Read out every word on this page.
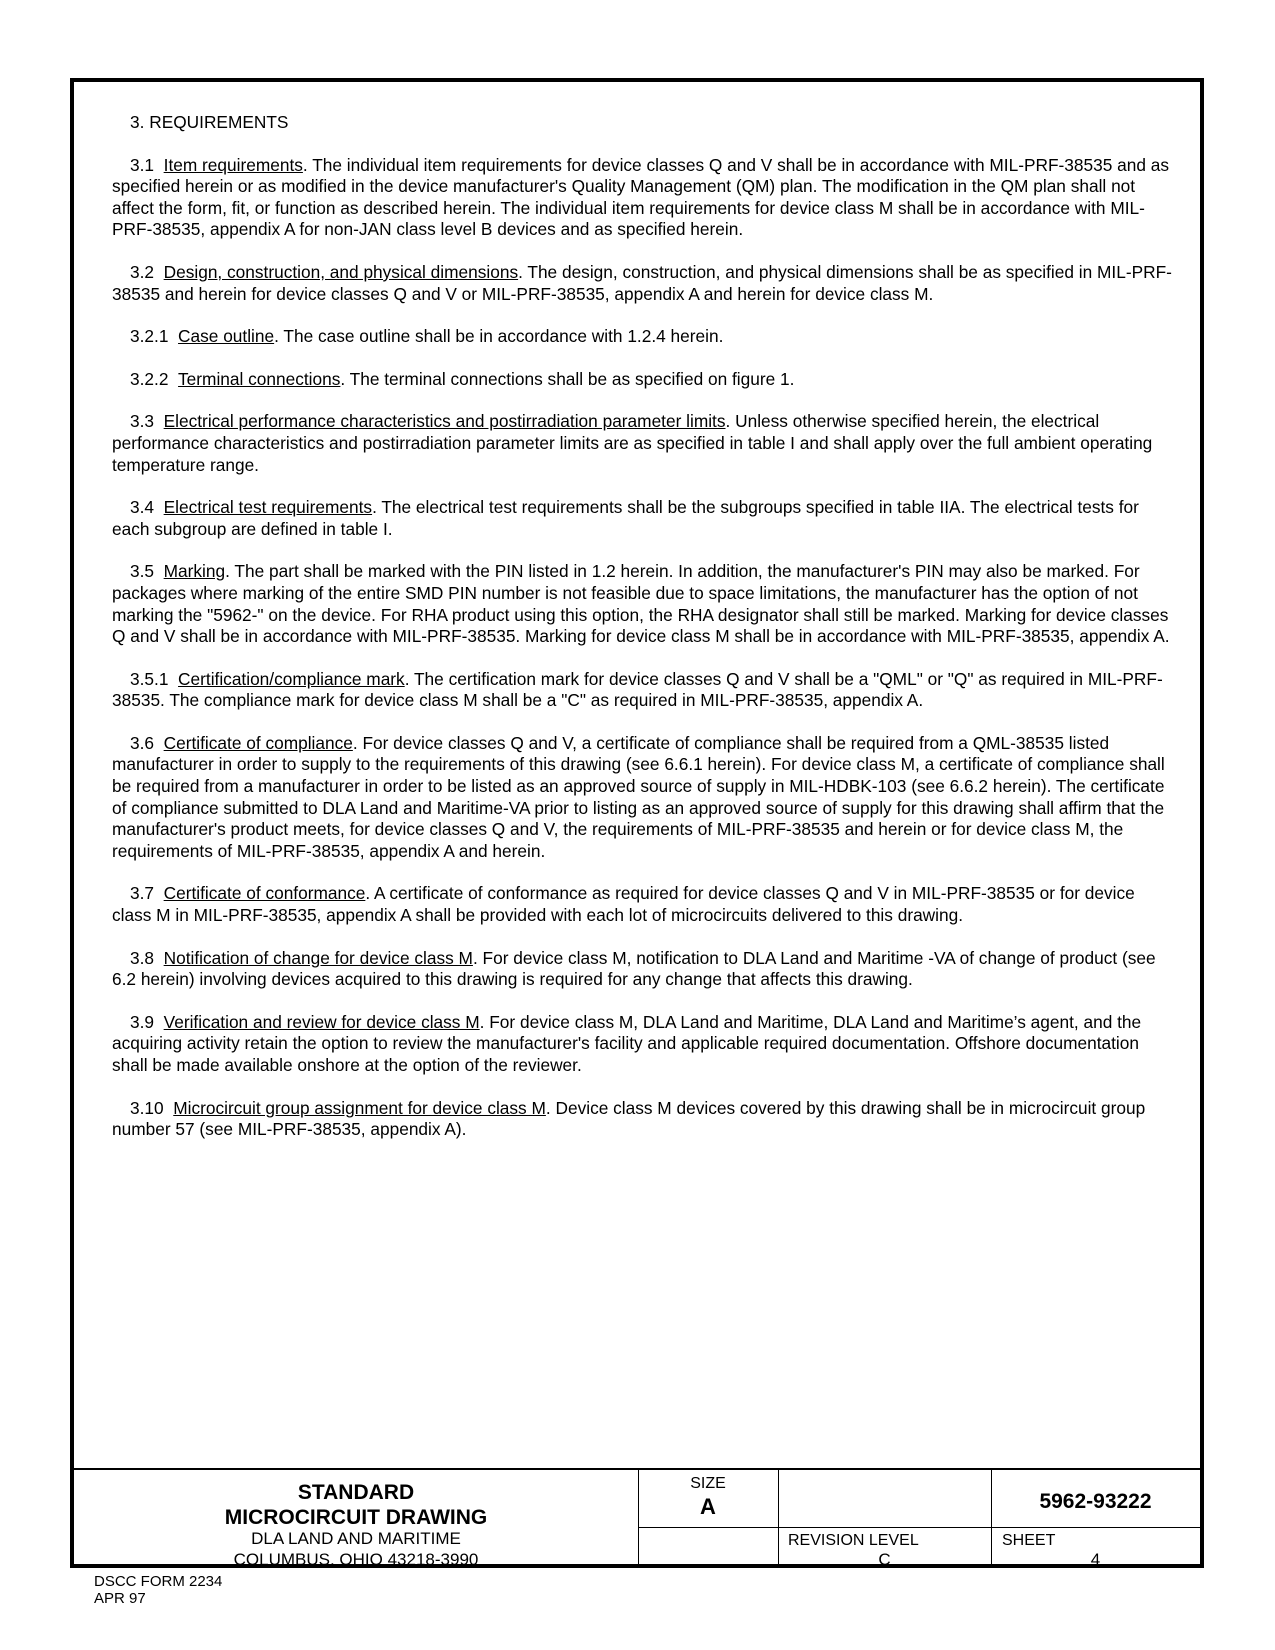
3. REQUIREMENTS

3.1 Item requirements. The individual item requirements for device classes Q and V shall be in accordance with MIL-PRF-38535 and as specified herein or as modified in the device manufacturer's Quality Management (QM) plan. The modification in the QM plan shall not affect the form, fit, or function as described herein. The individual item requirements for device class M shall be in accordance with MIL-PRF-38535, appendix A for non-JAN class level B devices and as specified herein.

3.2 Design, construction, and physical dimensions. The design, construction, and physical dimensions shall be as specified in MIL-PRF-38535 and herein for device classes Q and V or MIL-PRF-38535, appendix A and herein for device class M.

3.2.1 Case outline. The case outline shall be in accordance with 1.2.4 herein.

3.2.2 Terminal connections. The terminal connections shall be as specified on figure 1.

3.3 Electrical performance characteristics and postirradiation parameter limits. Unless otherwise specified herein, the electrical performance characteristics and postirradiation parameter limits are as specified in table I and shall apply over the full ambient operating temperature range.

3.4 Electrical test requirements. The electrical test requirements shall be the subgroups specified in table IIA. The electrical tests for each subgroup are defined in table I.

3.5 Marking. The part shall be marked with the PIN listed in 1.2 herein. In addition, the manufacturer's PIN may also be marked. For packages where marking of the entire SMD PIN number is not feasible due to space limitations, the manufacturer has the option of not marking the "5962-" on the device. For RHA product using this option, the RHA designator shall still be marked. Marking for device classes Q and V shall be in accordance with MIL-PRF-38535. Marking for device class M shall be in accordance with MIL-PRF-38535, appendix A.

3.5.1 Certification/compliance mark. The certification mark for device classes Q and V shall be a "QML" or "Q" as required in MIL-PRF-38535. The compliance mark for device class M shall be a "C" as required in MIL-PRF-38535, appendix A.

3.6 Certificate of compliance. For device classes Q and V, a certificate of compliance shall be required from a QML-38535 listed manufacturer in order to supply to the requirements of this drawing (see 6.6.1 herein). For device class M, a certificate of compliance shall be required from a manufacturer in order to be listed as an approved source of supply in MIL-HDBK-103 (see 6.6.2 herein). The certificate of compliance submitted to DLA Land and Maritime-VA prior to listing as an approved source of supply for this drawing shall affirm that the manufacturer's product meets, for device classes Q and V, the requirements of MIL-PRF-38535 and herein or for device class M, the requirements of MIL-PRF-38535, appendix A and herein.

3.7 Certificate of conformance. A certificate of conformance as required for device classes Q and V in MIL-PRF-38535 or for device class M in MIL-PRF-38535, appendix A shall be provided with each lot of microcircuits delivered to this drawing.

3.8 Notification of change for device class M. For device class M, notification to DLA Land and Maritime -VA of change of product (see 6.2 herein) involving devices acquired to this drawing is required for any change that affects this drawing.

3.9 Verification and review for device class M. For device class M, DLA Land and Maritime, DLA Land and Maritime’s agent, and the acquiring activity retain the option to review the manufacturer's facility and applicable required documentation. Offshore documentation shall be made available onshore at the option of the reviewer.

3.10 Microcircuit group assignment for device class M. Device class M devices covered by this drawing shall be in microcircuit group number 57 (see MIL-PRF-38535, appendix A).

STANDARD
MICROCIRCUIT DRAWING
DLA LAND AND MARITIME
COLUMBUS, OHIO 43218-3990
SIZE
A	5962-93222
REVISION LEVEL
C
SHEET
4
DSCC FORM 2234
APR 97
